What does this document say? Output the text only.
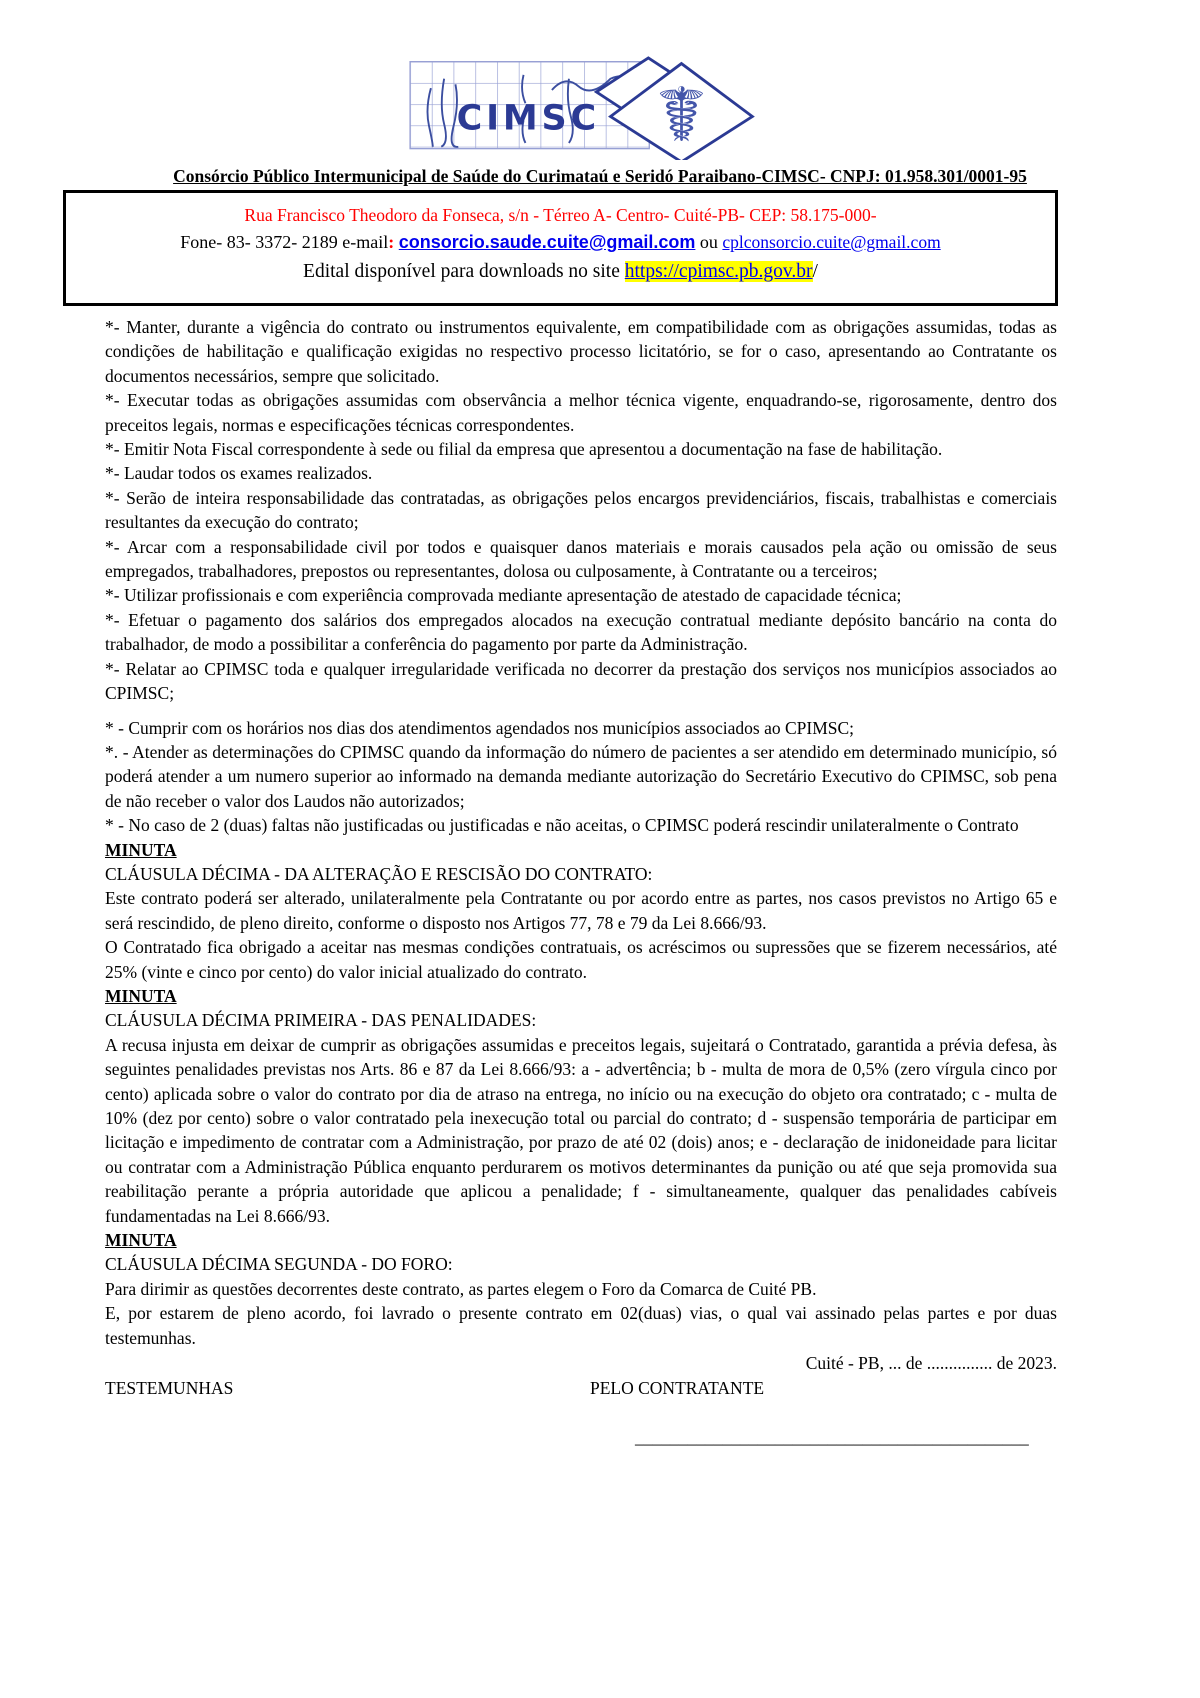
CIMSC ☤
Consórcio Público Intermunicipal de Saúde do Curimataú e Seridó Paraibano-CIMSC- CNPJ: 01.958.301/0001-95
Rua Francisco Theodoro da Fonseca, s/n - Térreo A- Centro- Cuité-PB- CEP: 58.175-000-
Fone- 83- 3372- 2189 e-mail: consorcio.saude.cuite@gmail.com ou cplconsorcio.cuite@gmail.com
Edital disponível para downloads no site https://cpimsc.pb.gov.br/

*- Manter, durante a vigência do contrato ou instrumentos equivalente, em compatibilidade com as obrigações assumidas, todas as condições de habilitação e qualificação exigidas no respectivo processo licitatório, se for o caso, apresentando ao Contratante os documentos necessários, sempre que solicitado.

*- Executar todas as obrigações assumidas com observância a melhor técnica vigente, enquadrando-se, rigorosamente, dentro dos preceitos legais, normas e especificações técnicas correspondentes.

*- Emitir Nota Fiscal correspondente à sede ou filial da empresa que apresentou a documentação na fase de habilitação.

*- Laudar todos os exames realizados.

*- Serão de inteira responsabilidade das contratadas, as obrigações pelos encargos previdenciários, fiscais, trabalhistas e comerciais resultantes da execução do contrato;

*- Arcar com a responsabilidade civil por todos e quaisquer danos materiais e morais causados pela ação ou omissão de seus empregados, trabalhadores, prepostos ou representantes, dolosa ou culposamente, à Contratante ou a terceiros;

*- Utilizar profissionais e com experiência comprovada mediante apresentação de atestado de capacidade técnica;

*- Efetuar o pagamento dos salários dos empregados alocados na execução contratual mediante depósito bancário na conta do trabalhador, de modo a possibilitar a conferência do pagamento por parte da Administração.

*- Relatar ao CPIMSC toda e qualquer irregularidade verificada no decorrer da prestação dos serviços nos municípios associados ao CPIMSC;

* - Cumprir com os horários nos dias dos atendimentos agendados nos municípios associados ao CPIMSC;

*. - Atender as determinações do CPIMSC quando da informação do número de pacientes a ser atendido em determinado município, só poderá atender a um numero superior ao informado na demanda mediante autorização do Secretário Executivo do CPIMSC, sob pena de não receber o valor dos Laudos não autorizados;

* - No caso de 2 (duas) faltas não justificadas ou justificadas e não aceitas, o CPIMSC poderá rescindir unilateralmente o Contrato

MINUTA

CLÁUSULA DÉCIMA - DA ALTERAÇÃO E RESCISÃO DO CONTRATO:

Este contrato poderá ser alterado, unilateralmente pela Contratante ou por acordo entre as partes, nos casos previstos no Artigo 65 e será rescindido, de pleno direito, conforme o disposto nos Artigos 77, 78 e 79 da Lei 8.666/93.

O Contratado fica obrigado a aceitar nas mesmas condições contratuais, os acréscimos ou supressões que se fizerem necessários, até 25% (vinte e cinco por cento) do valor inicial atualizado do contrato.

MINUTA

CLÁUSULA DÉCIMA PRIMEIRA - DAS PENALIDADES:

A recusa injusta em deixar de cumprir as obrigações assumidas e preceitos legais, sujeitará o Contratado, garantida a prévia defesa, às seguintes penalidades previstas nos Arts. 86 e 87 da Lei 8.666/93: a - advertência; b - multa de mora de 0,5% (zero vírgula cinco por cento) aplicada sobre o valor do contrato por dia de atraso na entrega, no início ou na execução do objeto ora contratado; c - multa de 10% (dez por cento) sobre o valor contratado pela inexecução total ou parcial do contrato; d - suspensão temporária de participar em licitação e impedimento de contratar com a Administração, por prazo de até 02 (dois) anos; e - declaração de inidoneidade para licitar ou contratar com a Administração Pública enquanto perdurarem os motivos determinantes da punição ou até que seja promovida sua reabilitação perante a própria autoridade que aplicou a penalidade; f - simultaneamente, qualquer das penalidades cabíveis fundamentadas na Lei 8.666/93.

MINUTA

CLÁUSULA DÉCIMA SEGUNDA - DO FORO:

Para dirimir as questões decorrentes deste contrato, as partes elegem o Foro da Comarca de Cuité PB.

E, por estarem de pleno acordo, foi lavrado o presente contrato em 02(duas) vias, o qual vai assinado pelas partes e por duas testemunhas.

Cuité - PB, ... de ............... de 2023.
TESTEMUNHAS	PELO CONTRATANTE
_____________________________________________
